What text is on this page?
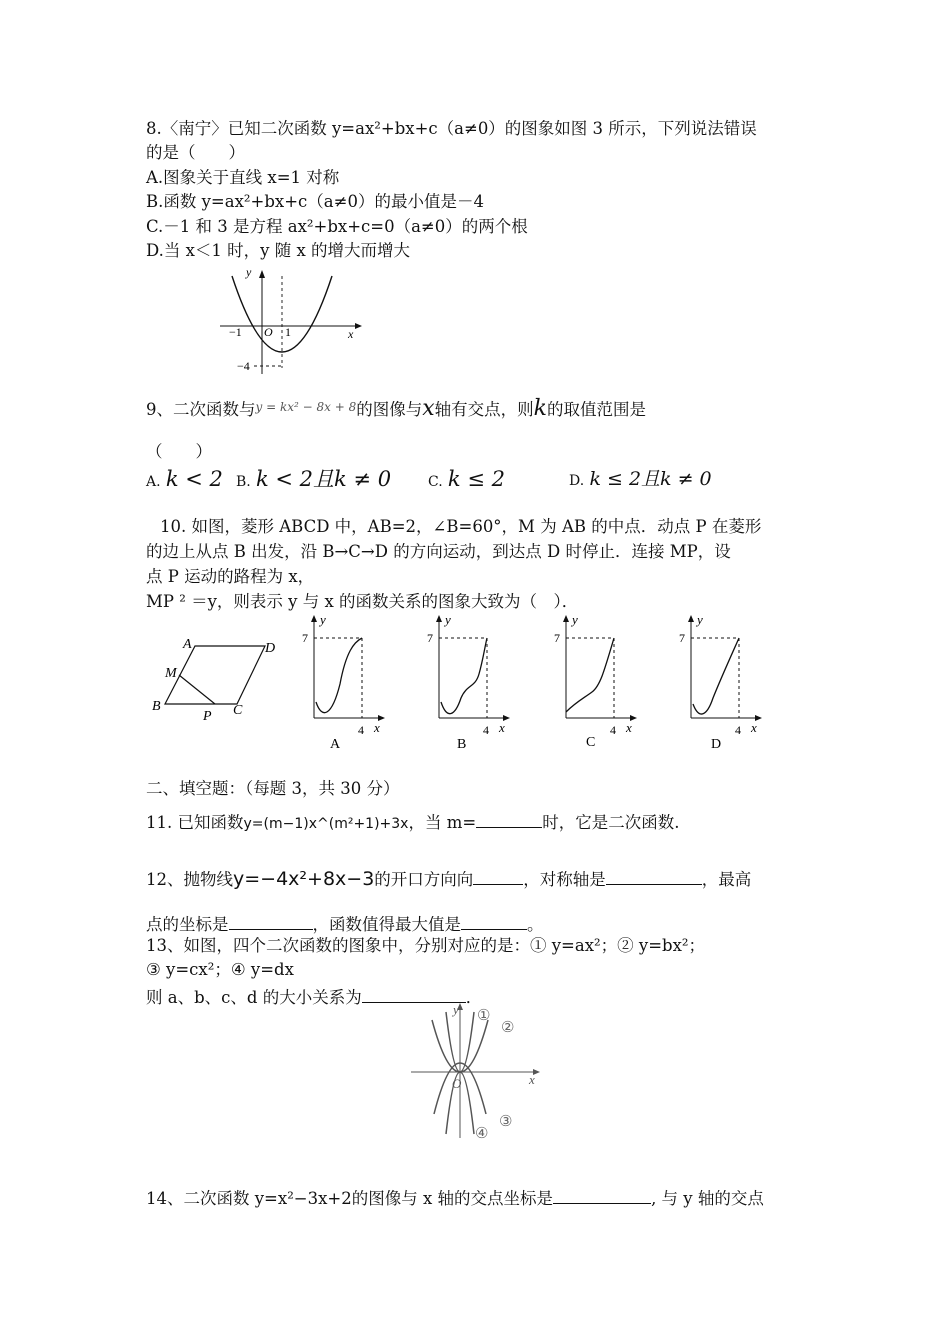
8.〈南宁〉已知二次函数 y=ax²+bx+c（a≠0）的图象如图 3 所示，下列说法错误
的是（　　）
A.图象关于直线 x=1 对称
B.函数 y=ax²+bx+c（a≠0）的最小值是－4
C.－1 和 3 是方程 ax²+bx+c=0（a≠0）的两个根
D.当 x＜1 时，y 随 x 的增大而增大
y
x
−1 O 1
−4
9、二次函数与$^{y = kx^2 - 8x + 8}$的图像与x轴有交点，则k的取值范围是
（　　）
A. k < 2 B. k < 2且k ≠ 0	C. k ≤ 2	D. k ≤ 2且k ≠ 0
10. 如图，菱形 ABCD 中，AB=2，∠B=60°，M 为 AB 的中点．动点 P 在菱形
的边上从点 B 出发，沿 B→C→D 的方向运动，到达点 D 时停止．连接 MP，设
点 P 运动的路程为 x，
MP ² ＝y，则表示 y 与 x 的函数关系的图象大致为（　）．
A	D
B	C
M
P
y
7
4 x
A
y
7
4 x
B
y
7
4 x
C
y
7
4 x
D
二、填空题：（每题 3，共 30 分）
11. 已知函数y=(m−1)x^(m²+1)+3x，当 m=	时，它是二次函数.
12、抛物线y=−4x²+8x−3的开口方向向	，对称轴是	，最高
点的坐标是	，函数值得最大值是	。
13、如图，四个二次函数的图象中，分别对应的是：① y=ax²；② y=bx²；
③ y=cx²；④ y=dx
则 a、b、c、d 的大小关系为	．
y
x
O
①
②
③
④
14、二次函数 y=x²−3x+2的图像与 x 轴的交点坐标是	, 与 y 轴的交点
